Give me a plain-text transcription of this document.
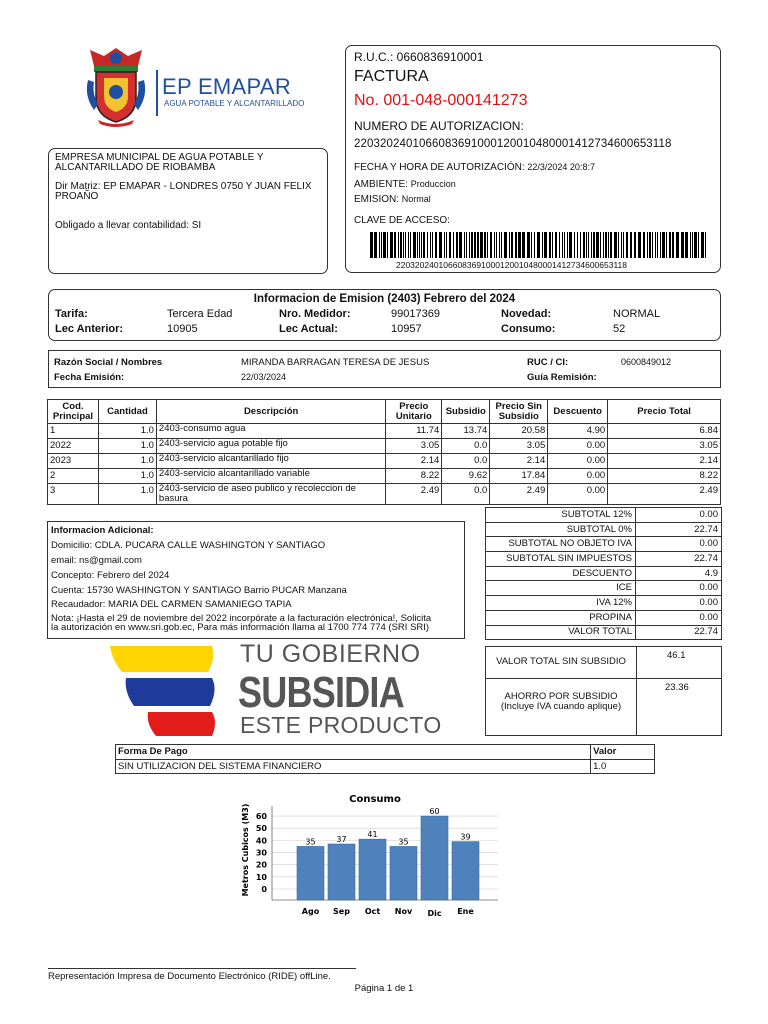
EP EMAPAR
AGUA POTABLE Y ALCANTARILLADO
R.U.C.: 0660836910001
FACTURA
No. 001-048-000141273
NUMERO DE AUTORIZACION:
2203202401066083691000120010480001412734600653118
FECHA Y HORA DE AUTORIZACIÓN: 22/3/2024 20:8:7
AMBIENTE: Produccion
EMISION: Normal
CLAVE DE ACCESO:
2203202401066083691000120010480001412734600653118
EMPRESA MUNICIPAL DE AGUA POTABLE Y
ALCANTARILLADO DE RIOBAMBA
Dir Matriz: EP EMAPAR - LONDRES 0750 Y JUAN FELIX
PROAÑO
Obligado a llevar contabilidad: SI
Informacion de Emision (2403) Febrero del 2024
Tarifa:	Tercera Edad	Nro. Medidor:	99017369	Novedad:	NORMAL
Lec Anterior:	10905	Lec Actual:	10957	Consumo:	52
Razón Social / Nombres	MIRANDA BARRAGAN TERESA DE JESUS	RUC / CI:	0600849012
Fecha Emisión:	22/03/2024	Guía Remisión:
Cod. Principal	Cantidad	Descripción	Precio Unitario	Subsidio	Precio Sin Subsidio	Descuento	Precio Total
1	1.0	2403-consumo agua	11.74	13.74	20.58	4.90	6.84
2022	1.0	2403-servicio agua potable fijo	3.05	0.0	3.05	0.00	3.05
2023	1.0	2403-servicio alcantarillado fijo	2.14	0.0	2.14	0.00	2.14
2	1.0	2403-servicio alcantarillado variable	8.22	9.62	17.84	0.00	8.22
3	1.0	2403-servicio de aseo publico y recoleccion de basura	2.49	0.0	2.49	0.00	2.49
Informacion Adicional:
Domicilio: CDLA. PUCARA CALLE WASHINGTON Y SANTIAGO
email: ns@gmail.com
Concepto: Febrero del 2024
Cuenta: 15730 WASHINGTON Y SANTIAGO Barrio PUCAR Manzana
Recaudador: MARIA DEL CARMEN SAMANIEGO TAPIA
Nota: ¡Hasta el 29 de noviembre del 2022 incorpórate a la facturación electrónica!, Solicita
la autorización en www.sri.gob.ec, Para más información llama al 1700 774 774 (SRI SRI)
SUBTOTAL 12%	0.00
SUBTOTAL 0%	22.74
SUBTOTAL NO OBJETO IVA	0.00
SUBTOTAL SIN IMPUESTOS	22.74
DESCUENTO	4.9
ICE	0.00
IVA 12%	0.00
PROPINA	0.00
VALOR TOTAL	22.74
VALOR TOTAL SIN SUBSIDIO
46.1
AHORRO POR SUBSIDIO
(Incluye IVA cuando aplique)
23.36
TU GOBIERNO
SUBSIDIA
ESTE PRODUCTO
Forma De Pago	Valor
SIN UTILIZACION DEL SISTEMA FINANCIERO	1.0
Consumo
Metros Cubicos (M3) 0
10
20
30
40
50
60
35
Ago
37
Sep
41
Oct
35
Nov
60
Dic
39
Ene
Representación Impresa de Documento Electrónico (RIDE) offLine.
Página 1 de 1
